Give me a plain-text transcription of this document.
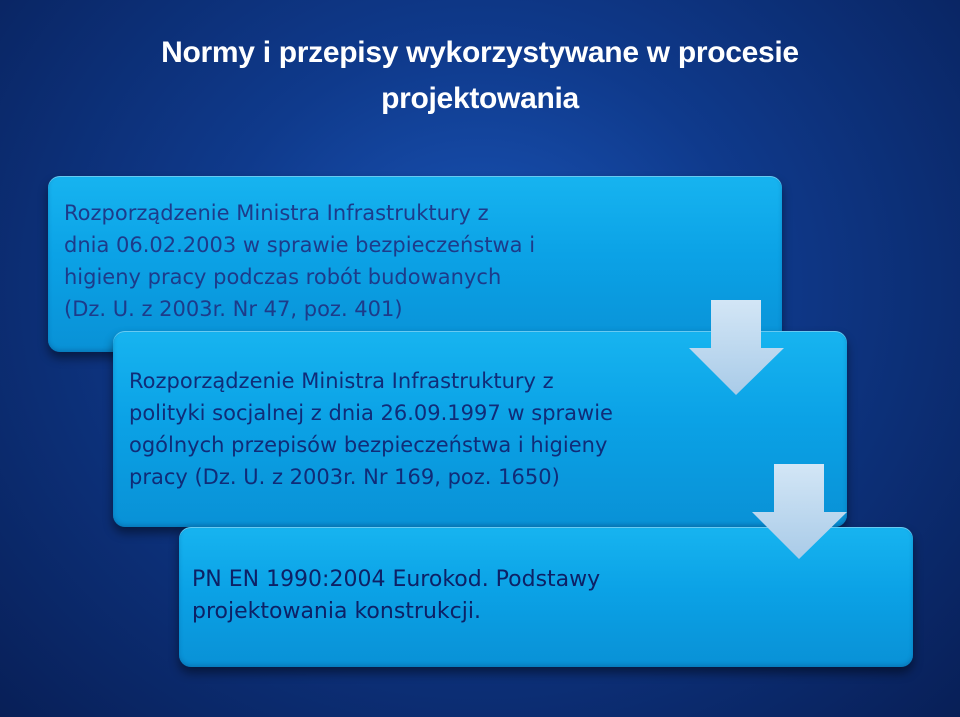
Normy i przepisy wykorzystywane w procesie
projektowania
Rozporządzenie Ministra Infrastruktury z
dnia 06.02.2003 w sprawie bezpieczeństwa i
higieny pracy podczas robót budowanych
(Dz. U. z 2003r. Nr 47, poz. 401)
Rozporządzenie Ministra Infrastruktury z
polityki socjalnej z dnia 26.09.1997 w sprawie
ogólnych przepisów bezpieczeństwa i higieny
pracy (Dz. U. z 2003r. Nr 169, poz. 1650)
PN EN 1990:2004 Eurokod. Podstawy
projektowania konstrukcji.
